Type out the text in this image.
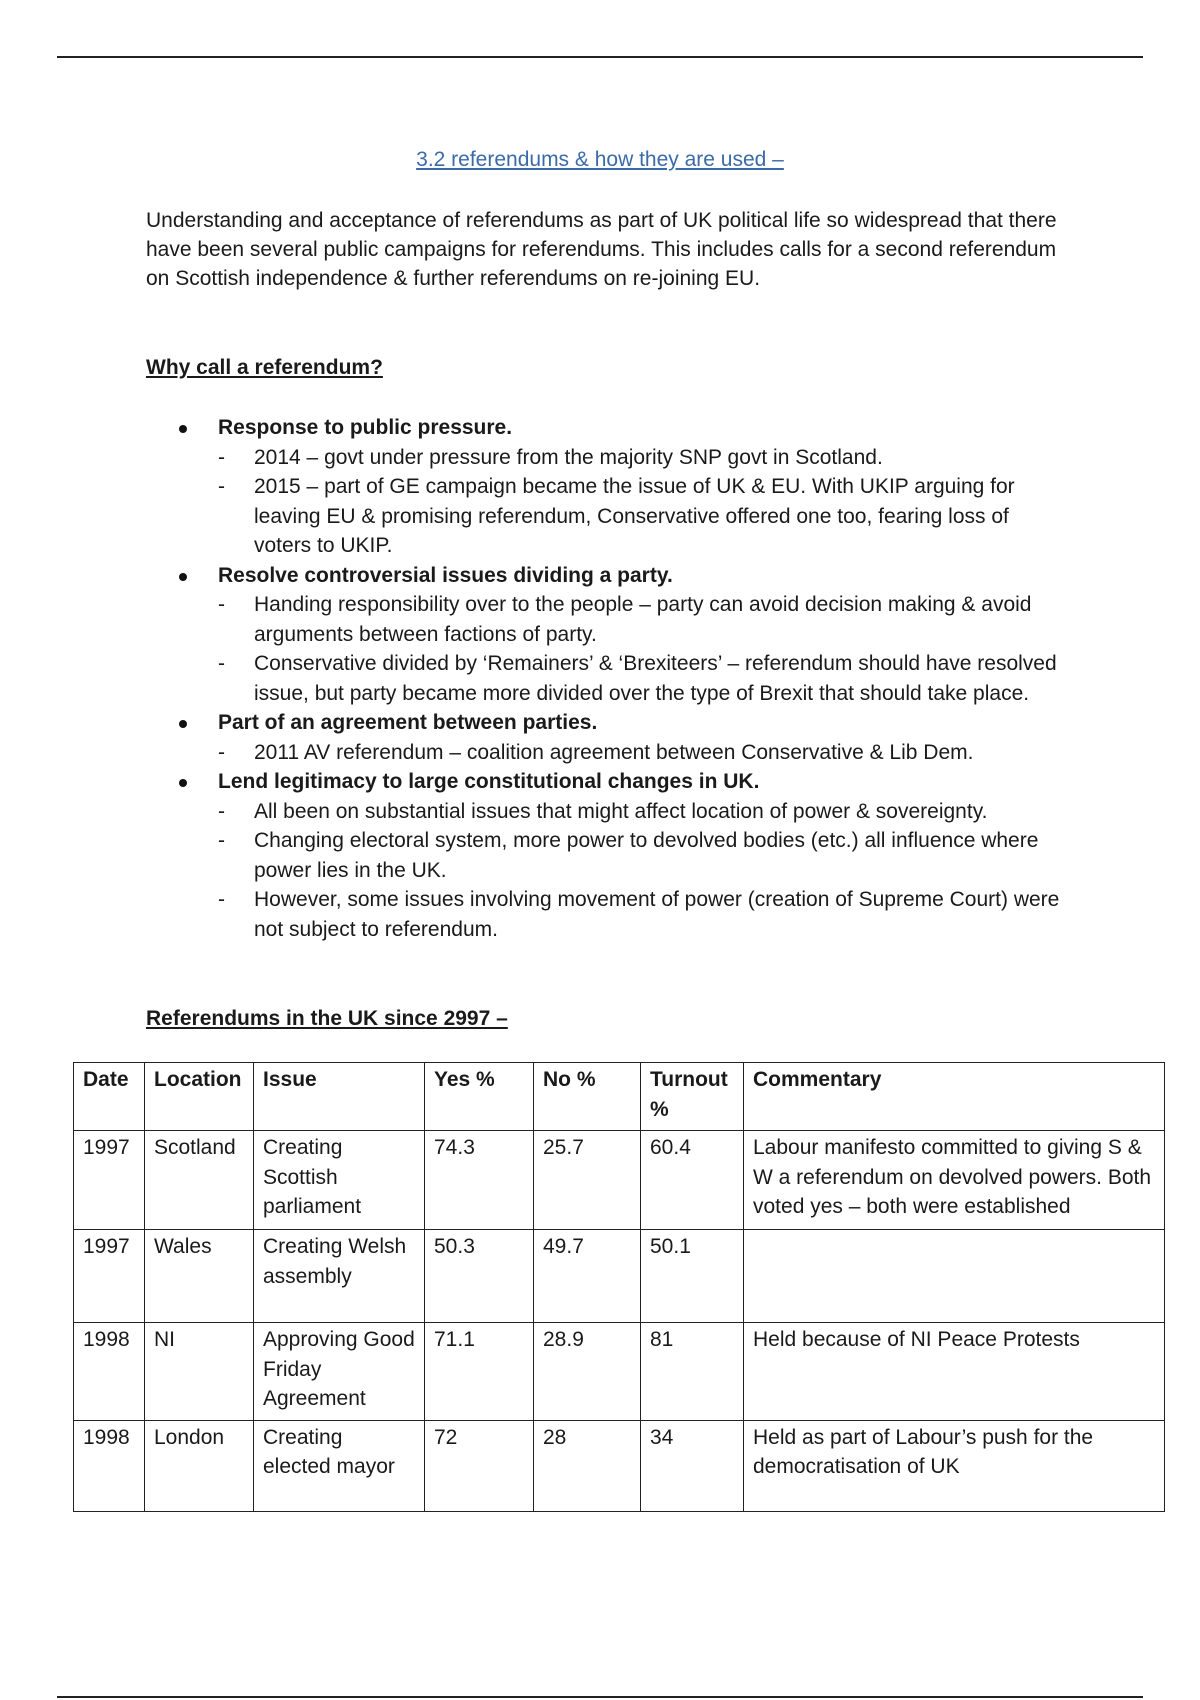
3.2 referendums & how they are used –

Understanding and acceptance of referendums as part of UK political life so widespread that there have been several public campaigns for referendums. This includes calls for a second referendum on Scottish independence & further referendums on re-joining EU.

Why call a referendum?
Response to public pressure.
- 2014 – govt under pressure from the majority SNP govt in Scotland.
- 2015 – part of GE campaign became the issue of UK & EU. With UKIP arguing for leaving EU & promising referendum, Conservative offered one too, fearing loss of voters to UKIP.
Resolve controversial issues dividing a party.
- Handing responsibility over to the people – party can avoid decision making & avoid arguments between factions of party.
- Conservative divided by ‘Remainers’ & ‘Brexiteers’ – referendum should have resolved issue, but party became more divided over the type of Brexit that should take place.
Part of an agreement between parties.
- 2011 AV referendum – coalition agreement between Conservative & Lib Dem.
Lend legitimacy to large constitutional changes in UK.
- All been on substantial issues that might affect location of power & sovereignty.
- Changing electoral system, more power to devolved bodies (etc.) all influence where power lies in the UK.
- However, some issues involving movement of power (creation of Supreme Court) were not subject to referendum.
Referendums in the UK since 2997 –
Date	Location	Issue	Yes %	No %	Turnout %	Commentary
1997	Scotland	Creating Scottish parliament	74.3	25.7	60.4	Labour manifesto committed to giving S & W a referendum on devolved powers. Both voted yes – both were established
1997	Wales	Creating Welsh assembly	50.3	49.7	50.1	
1998	NI	Approving Good Friday Agreement	71.1	28.9	81	Held because of NI Peace Protests
1998	London	Creating elected mayor	72	28	34	Held as part of Labour’s push for the democratisation of UK
